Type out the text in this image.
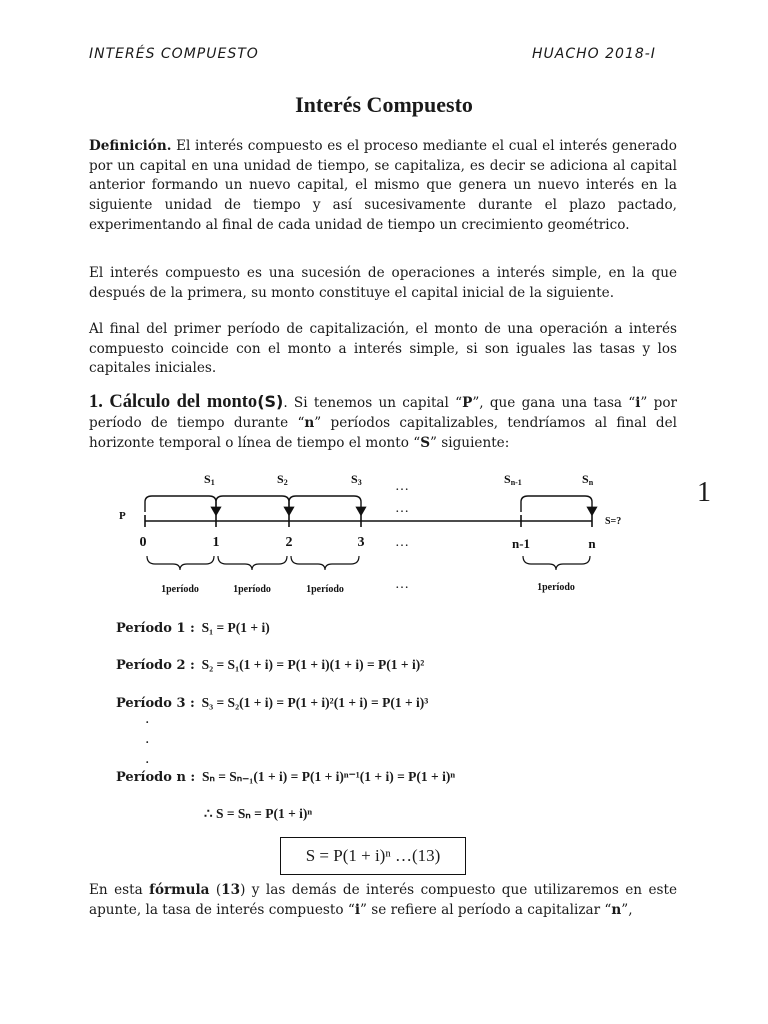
INTERÉS COMPUESTO	HUACHO 2018-I
Interés Compuesto
Definición. El interés compuesto es el proceso mediante el cual el interés generado por un capital en una unidad de tiempo, se capitaliza, es decir se adiciona al capital anterior formando un nuevo capital, el mismo que genera un nuevo interés en la siguiente unidad de tiempo y así sucesivamente durante el plazo pactado, experimentando al final de cada unidad de tiempo un crecimiento geométrico.
El interés compuesto es una sucesión de operaciones a interés simple, en la que después de la primera, su monto constituye el capital inicial de la siguiente.
Al final del primer período de capitalización, el monto de una operación a interés compuesto coincide con el monto a interés simple, si son iguales las tasas y los capitales iniciales.
1. Cálculo del monto(S). Si tenemos un capital “P”, que gana una tasa “i” por período de tiempo durante “n” períodos capitalizables, tendríamos al final del horizonte temporal o línea de tiempo el monto “S” siguiente:
1
S1	S2	S3	Sn-1	Sn
P	S=?
0	1	2	3	n-1	n
…
…
…
…
1período	1período	1período	1período
Período 1 : S₁ = P(1 + i)
Período 2 : S₂ = S₁(1 + i) = P(1 + i)(1 + i) = P(1 + i)²
Período 3 : S₃ = S₂(1 + i) = P(1 + i)²(1 + i) = P(1 + i)³
.
.
.
Período n : Sₙ = Sₙ₋₁(1 + i) = P(1 + i)ⁿ⁻¹(1 + i) = P(1 + i)ⁿ
∴ S = Sₙ = P(1 + i)ⁿ
S = P(1 + i)ⁿ …(13)
En esta fórmula (13) y las demás de interés compuesto que utilizaremos en este apunte, la tasa de interés compuesto “i” se refiere al período a capitalizar “n”,
